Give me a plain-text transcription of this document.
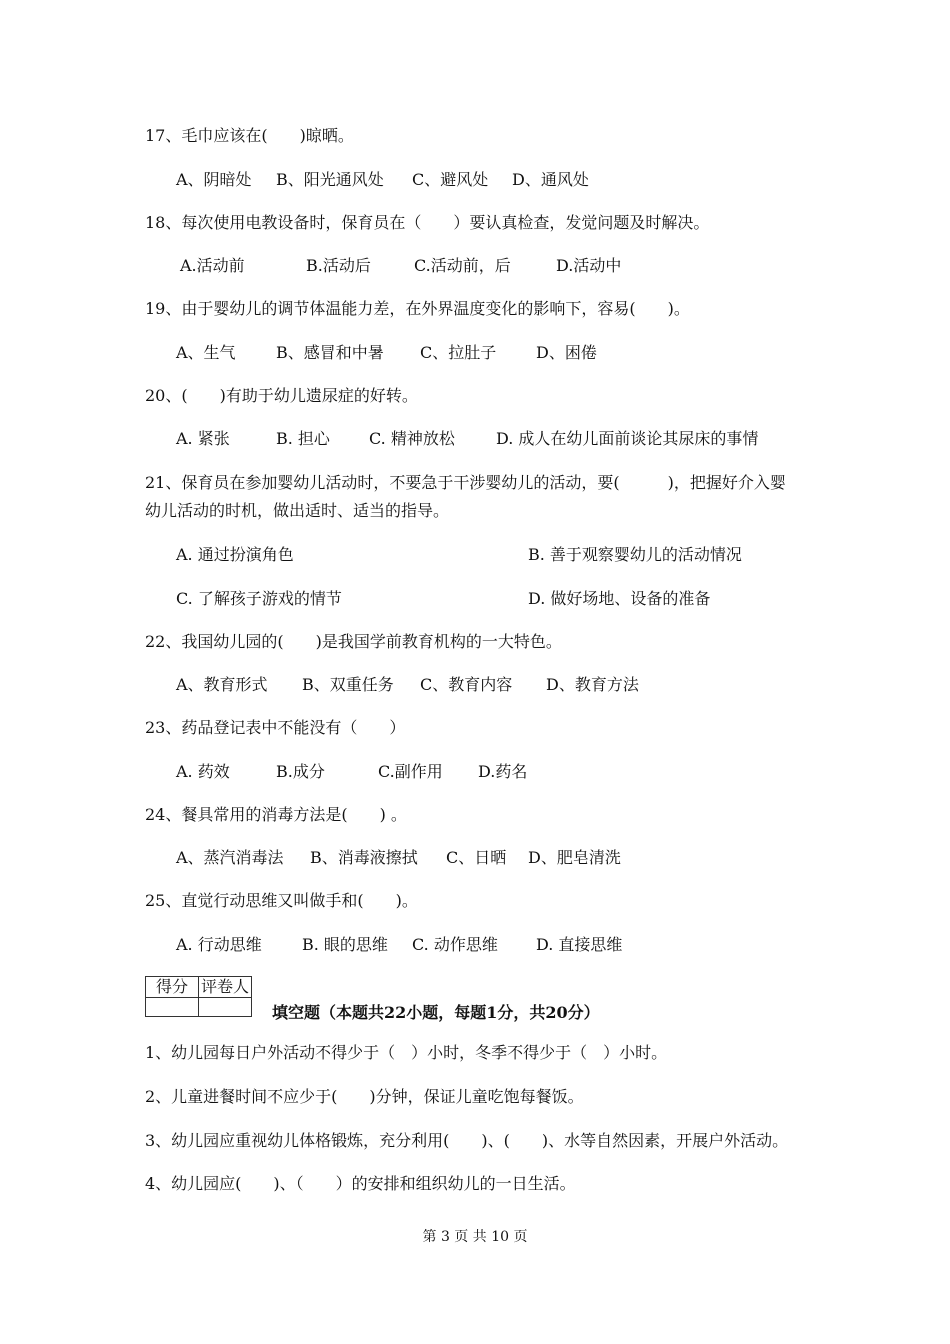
17、毛巾应该在(　　)晾晒。
A、阴暗处 B、阳光通风处 C、避风处 D、通风处
18、每次使用电教设备时，保育员在（　　）要认真检查，发觉问题及时解决。
A.活动前	B.活动后	C.活动前，后	D.活动中
19、由于婴幼儿的调节体温能力差，在外界温度变化的影响下，容易(　　)。
A、生气	B、感冒和中暑 C、拉肚子 D、困倦
20、(　　)有助于幼儿遗尿症的好转。
A. 紧张	B. 担心 C. 精神放松	D. 成人在幼儿面前谈论其尿床的事情
21、保育员在参加婴幼儿活动时，不要急于干涉婴幼儿的活动，要(　　　)，把握好介入婴
幼儿活动的时机，做出适时、适当的指导。
A. 通过扮演角色	B. 善于观察婴幼儿的活动情况
C. 了解孩子游戏的情节	D. 做好场地、设备的准备
22、我国幼儿园的(　　)是我国学前教育机构的一大特色。
A、教育形式 B、双重任务 C、教育内容 D、教育方法
23、药品登记表中不能没有（　　）
A. 药效	B.成分	C.副作用 D.药名
24、餐具常用的消毒方法是(　　) 。
A、蒸汽消毒法 B、消毒液擦拭 C、日晒 D、肥皂清洗
25、直觉行动思维又叫做手和(　　)。
A. 行动思维	B. 眼的思维 C. 动作思维 D. 直接思维
得分	评卷人

填空题（本题共22小题，每题1分，共20分）
1、幼儿园每日户外活动不得少于（　）小时，冬季不得少于（　）小时。
2、儿童进餐时间不应少于(　　)分钟，保证儿童吃饱每餐饭。
3、幼儿园应重视幼儿体格锻炼，充分利用(　　)、(　　)、水等自然因素，开展户外活动。
4、幼儿园应(　　)、（　　）的安排和组织幼儿的一日生活。
第 3 页 共 10 页
